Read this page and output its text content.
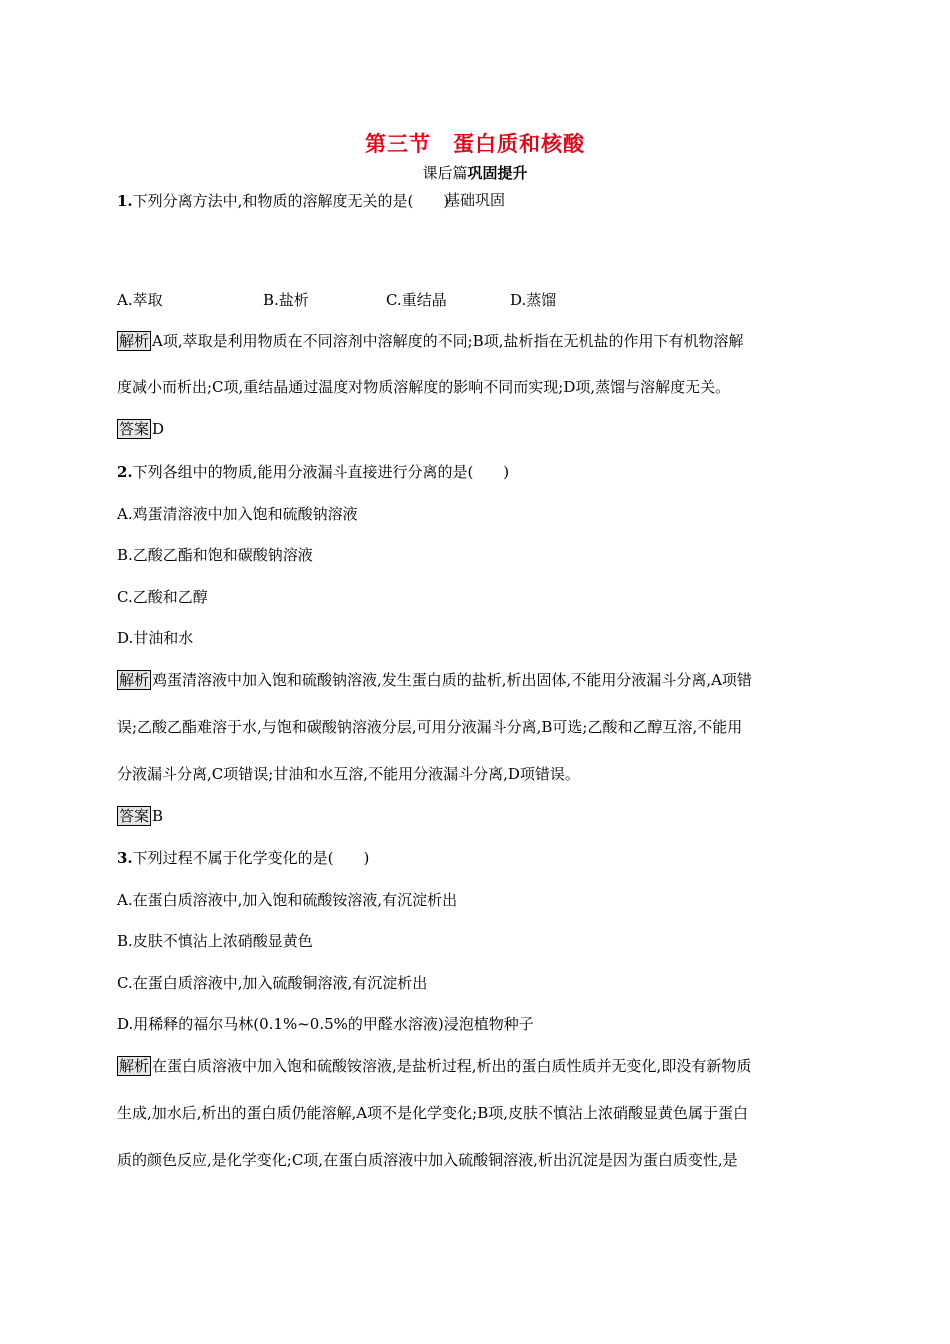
第三节　蛋白质和核酸
课后篇巩固提升
基础巩固
1.下列分离方法中,和物质的溶解度无关的是(　　)
A.萃取	B.盐析	C.重结晶	D.蒸馏
解析 A项,萃取是利用物质在不同溶剂中溶解度的不同;B项,盐析指在无机盐的作用下有机物溶解
度减小而析出;C项,重结晶通过温度对物质溶解度的影响不同而实现;D项,蒸馏与溶解度无关。
答案 D
2.下列各组中的物质,能用分液漏斗直接进行分离的是(　　)
A.鸡蛋清溶液中加入饱和硫酸钠溶液
B.乙酸乙酯和饱和碳酸钠溶液
C.乙酸和乙醇
D.甘油和水
解析 鸡蛋清溶液中加入饱和硫酸钠溶液,发生蛋白质的盐析,析出固体,不能用分液漏斗分离,A项错
误;乙酸乙酯难溶于水,与饱和碳酸钠溶液分层,可用分液漏斗分离,B可选;乙酸和乙醇互溶,不能用
分液漏斗分离,C项错误;甘油和水互溶,不能用分液漏斗分离,D项错误。
答案 B
3.下列过程不属于化学变化的是(　　)
A.在蛋白质溶液中,加入饱和硫酸铵溶液,有沉淀析出
B.皮肤不慎沾上浓硝酸显黄色
C.在蛋白质溶液中,加入硫酸铜溶液,有沉淀析出
D.用稀释的福尔马林(0.1%~0.5%的甲醛水溶液)浸泡植物种子
解析 在蛋白质溶液中加入饱和硫酸铵溶液,是盐析过程,析出的蛋白质性质并无变化,即没有新物质
生成,加水后,析出的蛋白质仍能溶解,A项不是化学变化;B项,皮肤不慎沾上浓硝酸显黄色属于蛋白
质的颜色反应,是化学变化;C项,在蛋白质溶液中加入硫酸铜溶液,析出沉淀是因为蛋白质变性,是
